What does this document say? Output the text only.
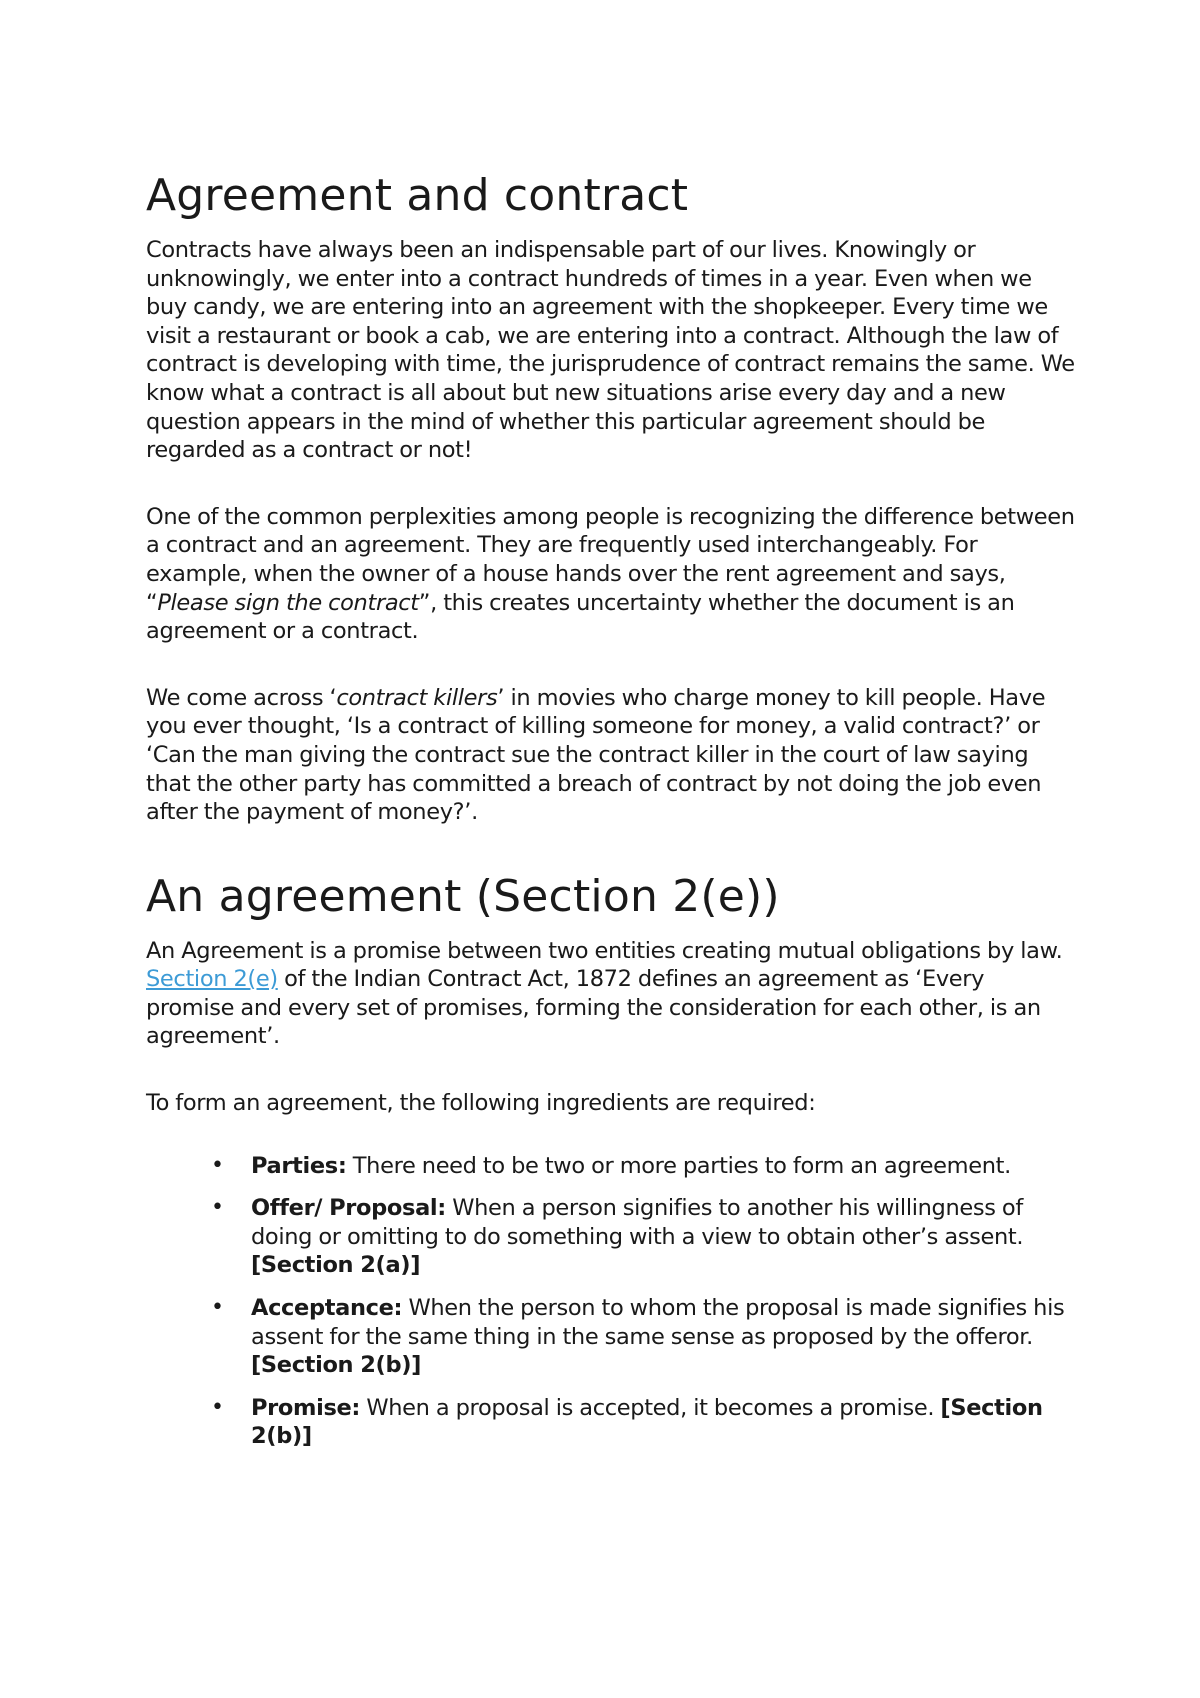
Agreement and contract

Contracts have always been an indispensable part of our lives. Knowingly or unknowingly, we enter into a contract hundreds of times in a year. Even when we buy candy, we are entering into an agreement with the shopkeeper. Every time we visit a restaurant or book a cab, we are entering into a contract. Although the law of contract is developing with time, the jurisprudence of contract remains the same. We know what a contract is all about but new situations arise every day and a new question appears in the mind of whether this particular agreement should be regarded as a contract or not!

One of the common perplexities among people is recognizing the difference between a contract and an agreement. They are frequently used interchangeably. For example, when the owner of a house hands over the rent agreement and says, “Please sign the contract”, this creates uncertainty whether the document is an agreement or a contract.

We come across ‘contract killers’ in movies who charge money to kill people. Have you ever thought, ‘Is a contract of killing someone for money, a valid contract?’ or ‘Can the man giving the contract sue the contract killer in the court of law saying that the other party has committed a breach of contract by not doing the job even after the payment of money?’.

An agreement (Section 2(e))

An Agreement is a promise between two entities creating mutual obligations by law. Section 2(e) of the Indian Contract Act, 1872 defines an agreement as ‘Every promise and every set of promises, forming the consideration for each other, is an agreement’.

To form an agreement, the following ingredients are required:

• Parties: There need to be two or more parties to form an agreement.
• Offer/ Proposal: When a person signifies to another his willingness of doing or omitting to do something with a view to obtain other’s assent. [Section 2(a)]
• Acceptance: When the person to whom the proposal is made signifies his assent for the same thing in the same sense as proposed by the offeror. [Section 2(b)]
• Promise: When a proposal is accepted, it becomes a promise. [Section 2(b)]
